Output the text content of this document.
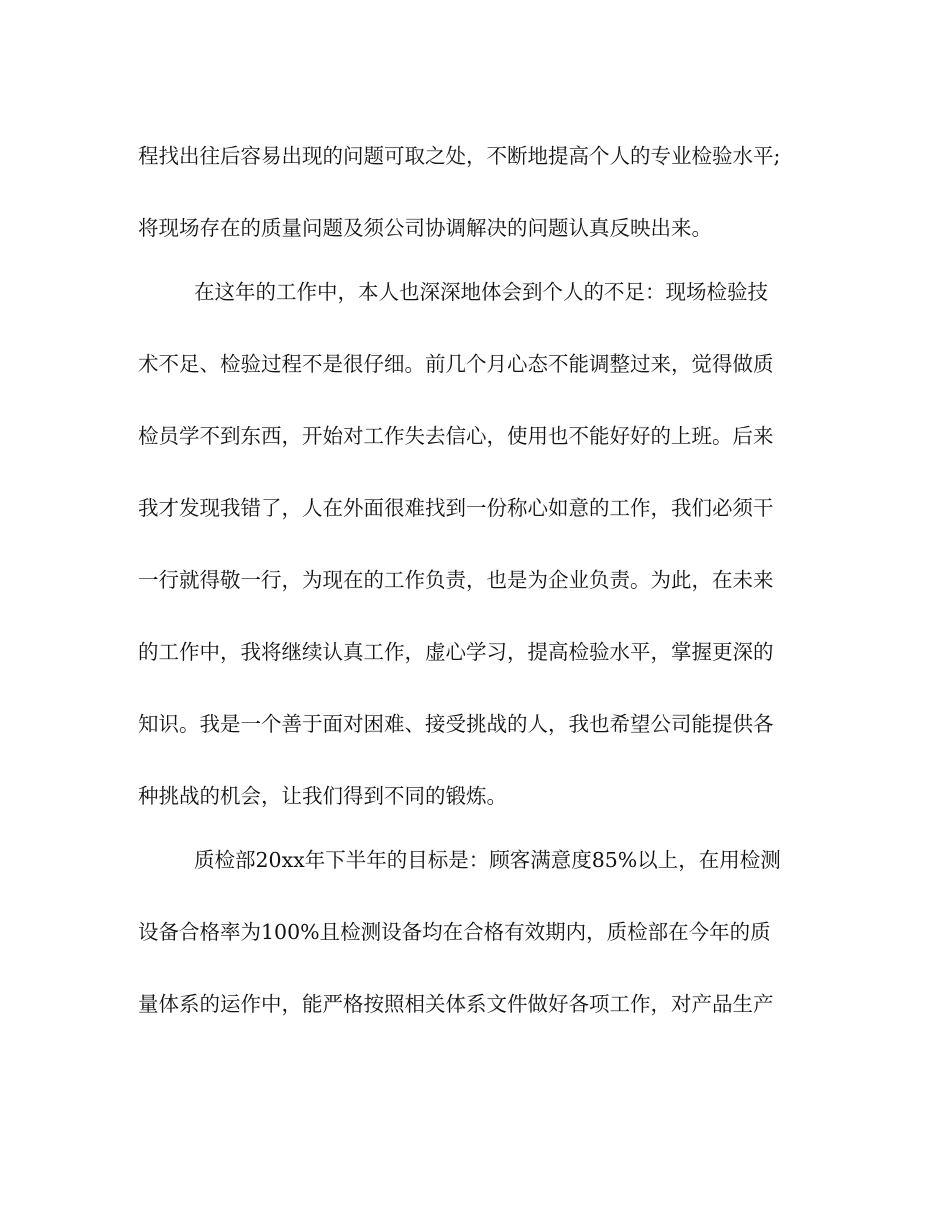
程找出往后容易出现的问题可取之处，不断地提高个人的专业检验水平;
将现场存在的质量问题及须公司协调解决的问题认真反映出来。
在这年的工作中，本人也深深地体会到个人的不足：现场检验技
术不足、检验过程不是很仔细。前几个月心态不能调整过来，觉得做质
检员学不到东西，开始对工作失去信心，使用也不能好好的上班。后来
我才发现我错了，人在外面很难找到一份称心如意的工作，我们必须干
一行就得敬一行，为现在的工作负责，也是为企业负责。为此，在未来
的工作中，我将继续认真工作，虚心学习，提高检验水平，掌握更深的
知识。我是一个善于面对困难、接受挑战的人，我也希望公司能提供各
种挑战的机会，让我们得到不同的锻炼。
质检部20xx年下半年的目标是：顾客满意度85%以上，在用检测
设备合格率为100%且检测设备均在合格有效期内，质检部在今年的质
量体系的运作中，能严格按照相关体系文件做好各项工作，对产品生产
